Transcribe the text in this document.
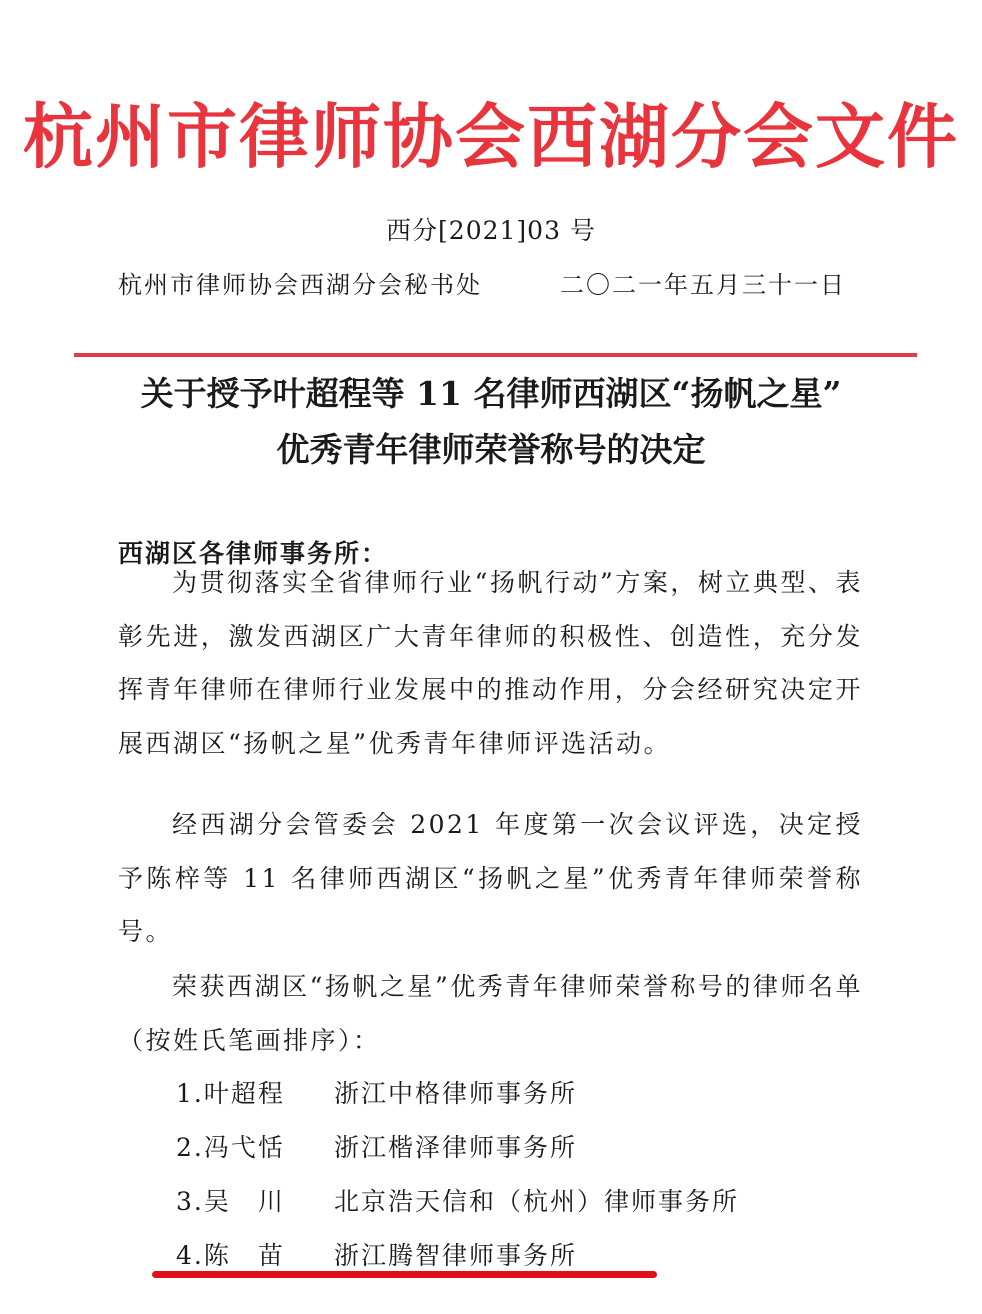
杭州市律师协会西湖分会文件
西分[2021]03 号
杭州市律师协会西湖分会秘书处	二〇二一年五月三十一日
关于授予叶超程等 11 名律师西湖区“扬帆之星”
优秀青年律师荣誉称号的决定
西湖区各律师事务所：
为贯彻落实全省律师行业“扬帆行动”方案，树立典型、表彰先进，激发西湖区广大青年律师的积极性、创造性，充分发挥青年律师在律师行业发展中的推动作用，分会经研究决定开展西湖区“扬帆之星”优秀青年律师评选活动。
经西湖分会管委会 2021 年度第一次会议评选，决定授予陈梓等 11 名律师西湖区“扬帆之星”优秀青年律师荣誉称号。
荣获西湖区“扬帆之星”优秀青年律师荣誉称号的律师名单（按姓氏笔画排序）：
1.叶超程 浙江中格律师事务所
2.冯弋恬 浙江楷泽律师事务所
3.吴　川 北京浩天信和（杭州）律师事务所
4.陈　苗 浙江腾智律师事务所
